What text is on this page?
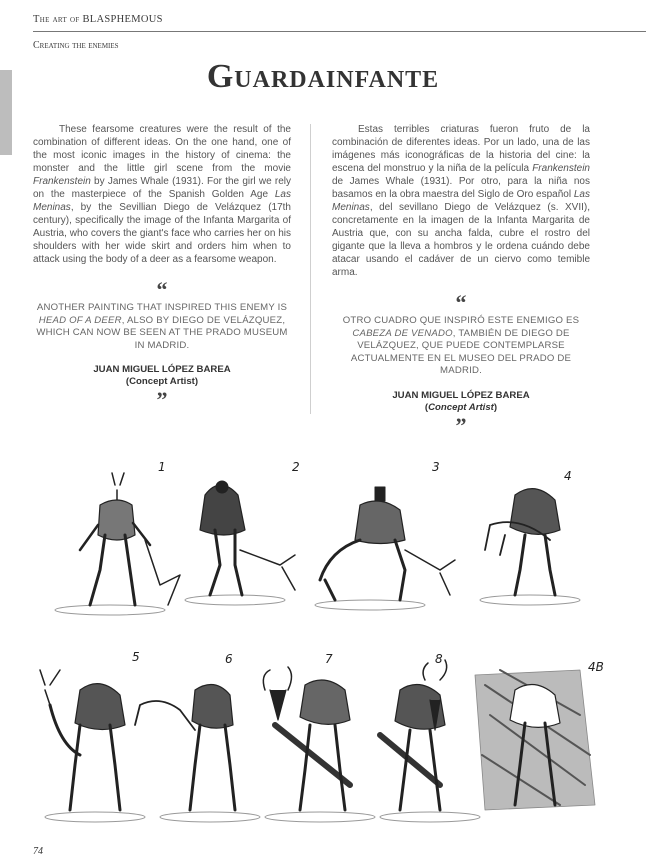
The art of BLASPHEMOUS
Creating the enemies
Guardainfante

These fearsome creatures were the result of the combination of different ideas. On the one hand, one of the most iconic images in the history of cinema: the monster and the little girl scene from the movie Frankenstein by James Whale (1931). For the girl we rely on the masterpiece of the Spanish Golden Age Las Meninas, by the Sevillian Diego de Velázquez (17th century), specifically the image of the Infanta Margarita of Austria, who covers the giant's face who carries her on his shoulders with her wide skirt and orders him when to attack using the body of a deer as a fearsome weapon.

“
ANOTHER PAINTING THAT INSPIRED THIS ENEMY IS HEAD OF A DEER, ALSO BY DIEGO DE VELÁZQUEZ, WHICH CAN NOW BE SEEN AT THE PRADO MUSEUM IN MADRID.
JUAN MIGUEL LÓPEZ BAREA
(Concept Artist)
”

Estas terribles criaturas fueron fruto de la combinación de diferentes ideas. Por un lado, una de las imágenes más iconográficas de la historia del cine: la escena del monstruo y la niña de la película Frankenstein de James Whale (1931). Por otro, para la niña nos basamos en la obra maestra del Siglo de Oro español Las Meninas, del sevillano Diego de Velázquez (s. XVII), concretamente en la imagen de la Infanta Margarita de Austria que, con su ancha falda, cubre el rostro del gigante que la lleva a hombros y le ordena cuándo debe atacar usando el cadáver de un ciervo como temible arma.

“
OTRO CUADRO QUE INSPIRÓ ESTE ENEMIGO ES CABEZA DE VENADO, TAMBIÉN DE DIEGO DE VELÁZQUEZ, QUE PUEDE CONTEMPLARSE ACTUALMENTE EN EL MUSEO DEL PRADO DE MADRID.
JUAN MIGUEL LÓPEZ BAREA
(Concept Artist)
”
1	2	3
4
5	6	7	8
4B
74
